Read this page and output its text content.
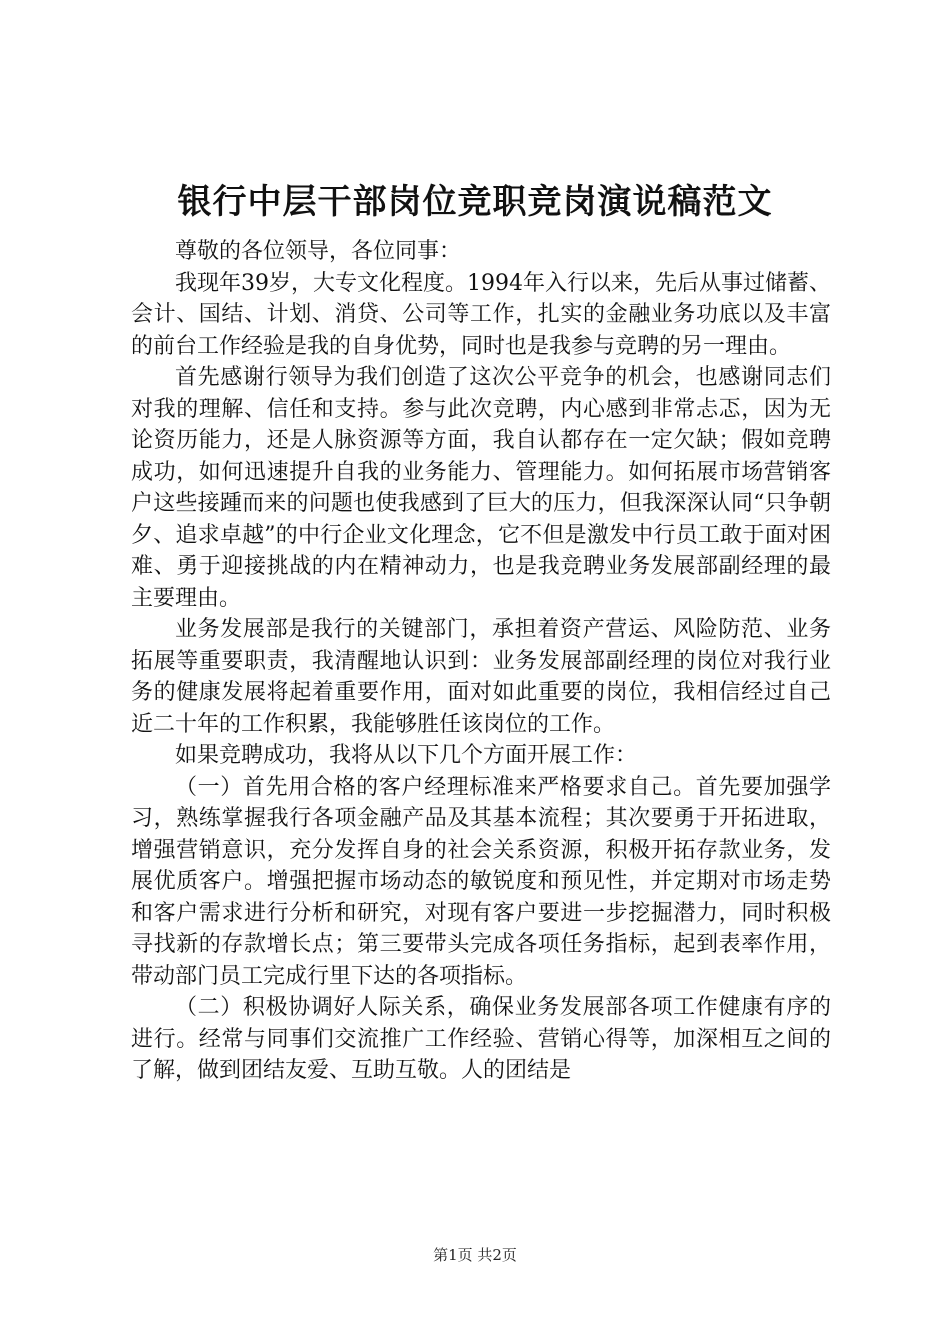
银行中层干部岗位竞职竞岗演说稿范文

尊敬的各位领导，各位同事：

我现年39岁，大专文化程度。1994年入行以来，先后从事过储蓄、会计、国结、计划、消贷、公司等工作，扎实的金融业务功底以及丰富的前台工作经验是我的自身优势，同时也是我参与竞聘的另一理由。

首先感谢行领导为我们创造了这次公平竞争的机会，也感谢同志们对我的理解、信任和支持。参与此次竞聘，内心感到非常忐忑，因为无论资历能力，还是人脉资源等方面，我自认都存在一定欠缺；假如竞聘成功，如何迅速提升自我的业务能力、管理能力。如何拓展市场营销客户这些接踵而来的问题也使我感到了巨大的压力，但我深深认同“只争朝夕、追求卓越”的中行企业文化理念，它不但是激发中行员工敢于面对困难、勇于迎接挑战的内在精神动力，也是我竞聘业务发展部副经理的最主要理由。

业务发展部是我行的关键部门，承担着资产营运、风险防范、业务拓展等重要职责，我清醒地认识到：业务发展部副经理的岗位对我行业务的健康发展将起着重要作用，面对如此重要的岗位，我相信经过自己近二十年的工作积累，我能够胜任该岗位的工作。

如果竞聘成功，我将从以下几个方面开展工作：

（一）首先用合格的客户经理标准来严格要求自己。首先要加强学习，熟练掌握我行各项金融产品及其基本流程；其次要勇于开拓进取，增强营销意识，充分发挥自身的社会关系资源，积极开拓存款业务，发展优质客户。增强把握市场动态的敏锐度和预见性，并定期对市场走势和客户需求进行分析和研究，对现有客户要进一步挖掘潜力，同时积极寻找新的存款增长点；第三要带头完成各项任务指标，起到表率作用，带动部门员工完成行里下达的各项指标。

（二）积极协调好人际关系，确保业务发展部各项工作健康有序的进行。经常与同事们交流推广工作经验、营销心得等，加深相互之间的了解，做到团结友爱、互助互敬。人的团结是

第1页 共2页
